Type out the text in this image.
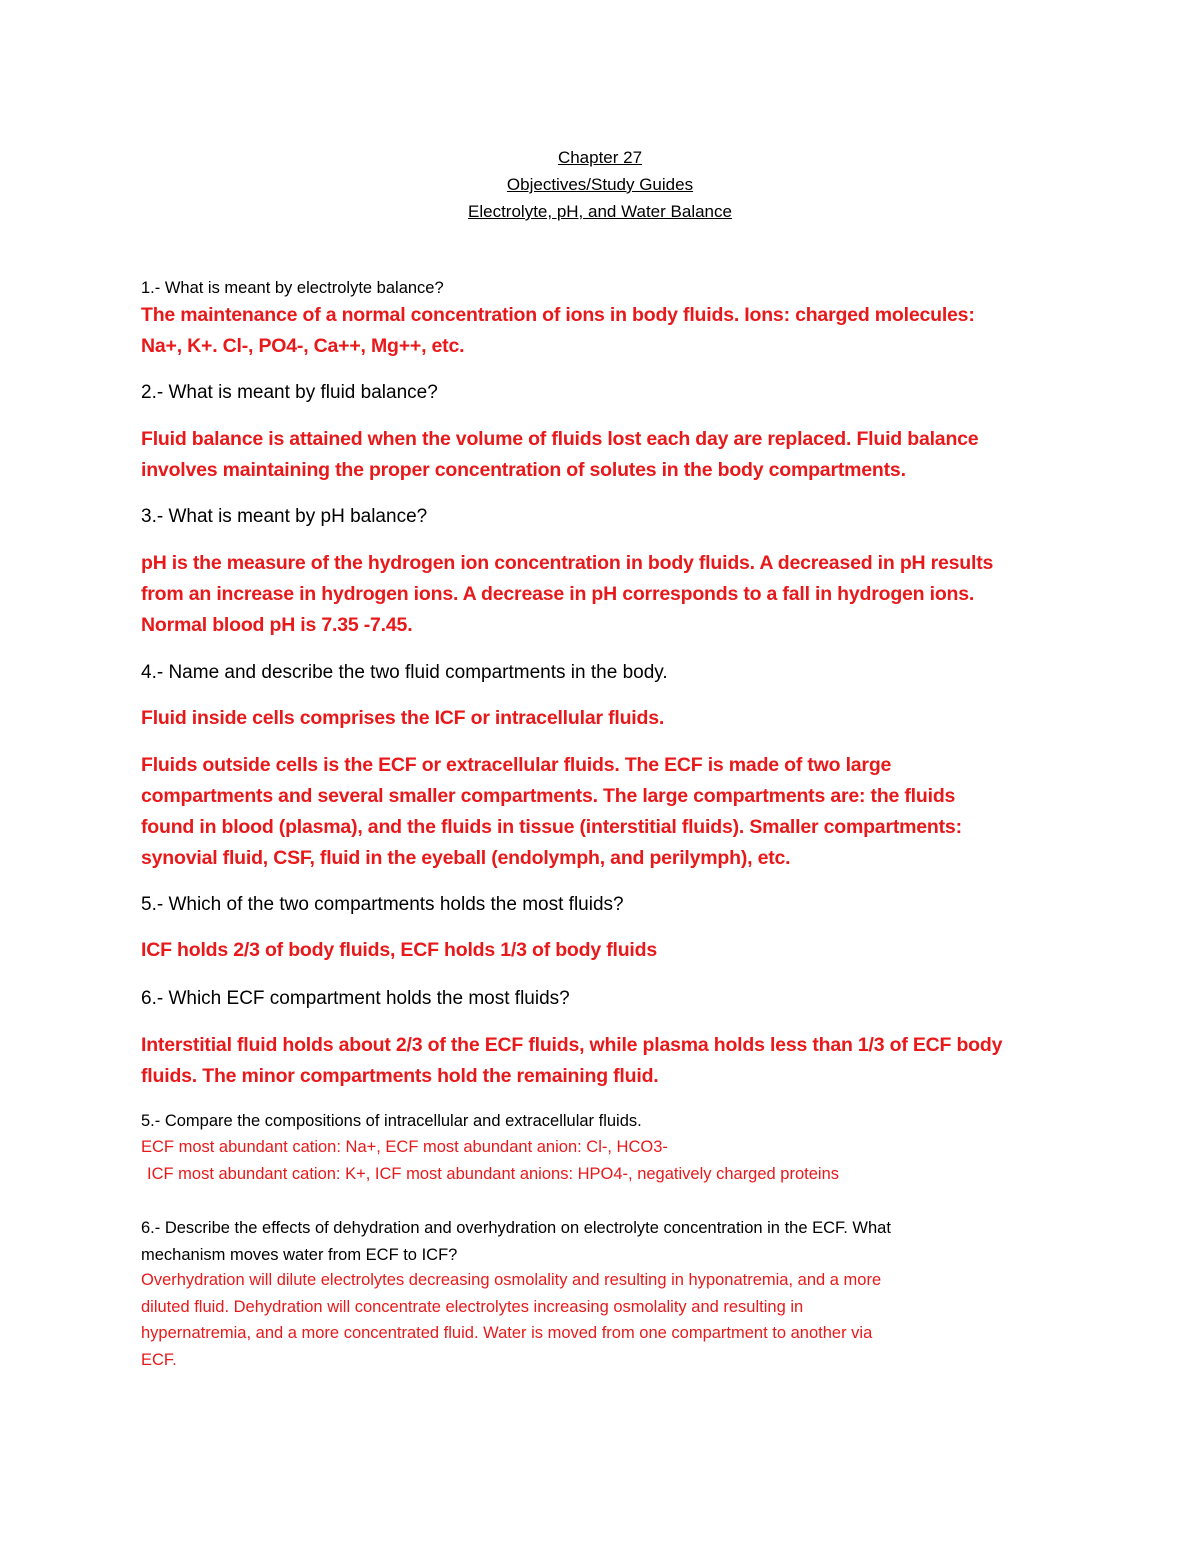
Chapter 27
Objectives/Study Guides
Electrolyte, pH, and Water Balance
1.- What is meant by electrolyte balance?
The maintenance of a normal concentration of ions in body fluids. Ions: charged molecules:
Na+, K+. Cl-, PO4-, Ca++, Mg++, etc.
2.- What is meant by fluid balance?
Fluid balance is attained when the volume of fluids lost each day are replaced. Fluid balance
involves maintaining the proper concentration of solutes in the body compartments.
3.- What is meant by pH balance?
pH is the measure of the hydrogen ion concentration in body fluids. A decreased in pH results
from an increase in hydrogen ions. A decrease in pH corresponds to a fall in hydrogen ions.
Normal blood pH is 7.35 -7.45.
4.- Name and describe the two fluid compartments in the body.
Fluid inside cells comprises the ICF or intracellular fluids.
Fluids outside cells is the ECF or extracellular fluids. The ECF is made of two large
compartments and several smaller compartments. The large compartments are: the fluids
found in blood (plasma), and the fluids in tissue (interstitial fluids). Smaller compartments:
synovial fluid, CSF, fluid in the eyeball (endolymph, and perilymph), etc.
5.- Which of the two compartments holds the most fluids?
ICF holds 2/3 of body fluids, ECF holds 1/3 of body fluids
6.- Which ECF compartment holds the most fluids?
Interstitial fluid holds about 2/3 of the ECF fluids, while plasma holds less than 1/3 of ECF body
fluids. The minor compartments hold the remaining fluid.
5.- Compare the compositions of intracellular and extracellular fluids.
ECF most abundant cation: Na+, ECF most abundant anion: Cl-, HCO3-
ICF most abundant cation: K+, ICF most abundant anions: HPO4-, negatively charged proteins
6.- Describe the effects of dehydration and overhydration on electrolyte concentration in the ECF. What
mechanism moves water from ECF to ICF?
Overhydration will dilute electrolytes decreasing osmolality and resulting in hyponatremia, and a more
diluted fluid. Dehydration will concentrate electrolytes increasing osmolality and resulting in
hypernatremia, and a more concentrated fluid. Water is moved from one compartment to another via
ECF.
